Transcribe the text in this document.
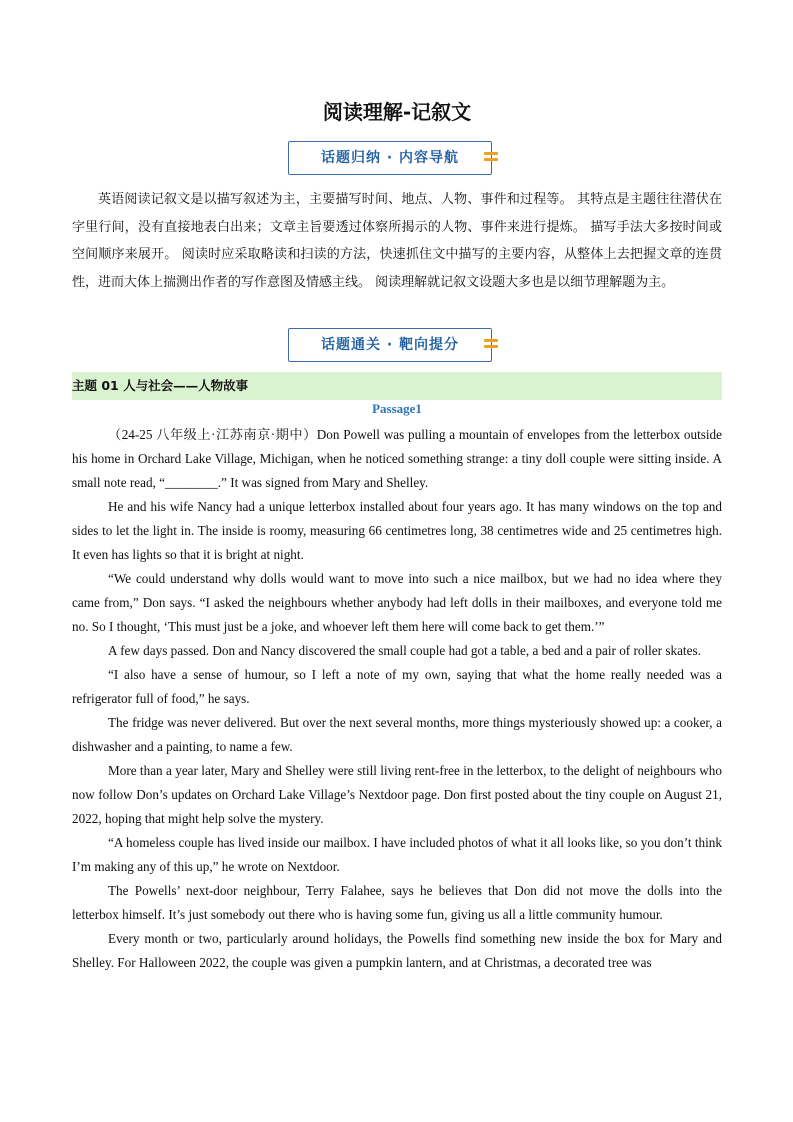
阅读理解-记叙文
话题归纳 · 内容导航

英语阅读记叙文是以描写叙述为主，主要描写时间、地点、人物、事件和过程等。 其特点是主题往往潜伏在字里行间，没有直接地表白出来；文章主旨要透过体察所揭示的人物、事件来进行提炼。 描写手法大多按时间或空间顺序来展开。 阅读时应采取略读和扫读的方法，快速抓住文中描写的主要内容，从整体上去把握文章的连贯性，进而大体上揣测出作者的写作意图及情感主线。 阅读理解就记叙文设题大多也是以细节理解题为主。

话题通关 · 靶向提分
主题 01 人与社会——人物故事
Passage1

（24-25 八年级上·江苏南京·期中）Don Powell was pulling a mountain of envelopes from the letterbox outside his home in Orchard Lake Village, Michigan, when he noticed something strange: a tiny doll couple were sitting inside. A small note read, “________.” It was signed from Mary and Shelley.

He and his wife Nancy had a unique letterbox installed about four years ago. It has many windows on the top and sides to let the light in. The inside is roomy, measuring 66 centimetres long, 38 centimetres wide and 25 centimetres high. It even has lights so that it is bright at night.

“We could understand why dolls would want to move into such a nice mailbox, but we had no idea where they came from,” Don says. “I asked the neighbours whether anybody had left dolls in their mailboxes, and everyone told me no. So I thought, ‘This must just be a joke, and whoever left them here will come back to get them.’”

A few days passed. Don and Nancy discovered the small couple had got a table, a bed and a pair of roller skates.

“I also have a sense of humour, so I left a note of my own, saying that what the home really needed was a refrigerator full of food,” he says.

The fridge was never delivered. But over the next several months, more things mysteriously showed up: a cooker, a dishwasher and a painting, to name a few.

More than a year later, Mary and Shelley were still living rent-free in the letterbox, to the delight of neighbours who now follow Don’s updates on Orchard Lake Village’s Nextdoor page. Don first posted about the tiny couple on August 21, 2022, hoping that might help solve the mystery.

“A homeless couple has lived inside our mailbox. I have included photos of what it all looks like, so you don’t think I’m making any of this up,” he wrote on Nextdoor.

The Powells’ next-door neighbour, Terry Falahee, says he believes that Don did not move the dolls into the letterbox himself. It’s just somebody out there who is having some fun, giving us all a little community humour.

Every month or two, particularly around holidays, the Powells find something new inside the box for Mary and Shelley. For Halloween 2022, the couple was given a pumpkin lantern, and at Christmas, a decorated tree was
